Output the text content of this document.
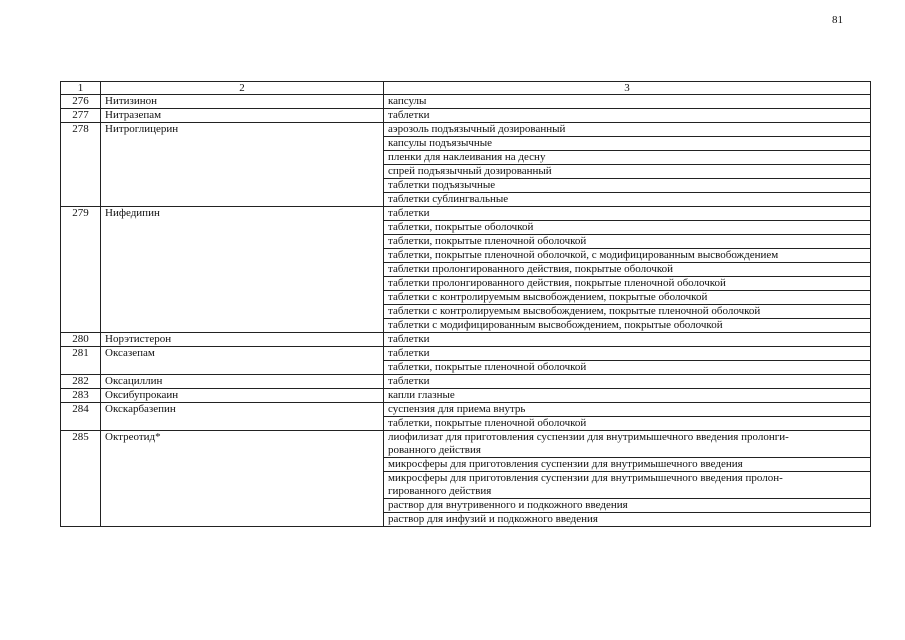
81
1	2	3
276	Нитизинон	капсулы
277	Нитразепам	таблетки
278	Нитроглицерин	аэрозоль подъязычный дозированный
		капсулы подъязычные
		пленки для наклеивания на десну
		спрей подъязычный дозированный
		таблетки подъязычные
		таблетки сублингвальные
279	Нифедипин	таблетки
		таблетки, покрытые оболочкой
		таблетки, покрытые пленочной оболочкой
		таблетки, покрытые пленочной оболочкой, с модифицированным высвобождением
		таблетки пролонгированного действия, покрытые оболочкой
		таблетки пролонгированного действия, покрытые пленочной оболочкой
		таблетки с контролируемым высвобождением, покрытые оболочкой
		таблетки с контролируемым высвобождением, покрытые пленочной оболочкой
		таблетки с модифицированным высвобождением, покрытые оболочкой
280	Норэтистерон	таблетки
281	Оксазепам	таблетки
		таблетки, покрытые пленочной оболочкой
282	Оксациллин	таблетки
283	Оксибупрокаин	капли глазные
284	Окскарбазепин	суспензия для приема внутрь
		таблетки, покрытые пленочной оболочкой
285	Октреотид*	лиофилизат для приготовления суспензии для внутримышечного введения пролонги-
рованного действия
		микросферы для приготовления суспензии для внутримышечного введения
		микросферы для приготовления суспензии для внутримышечного введения пролон-
гированного действия
		раствор для внутривенного и подкожного введения
		раствор для инфузий и подкожного введения
